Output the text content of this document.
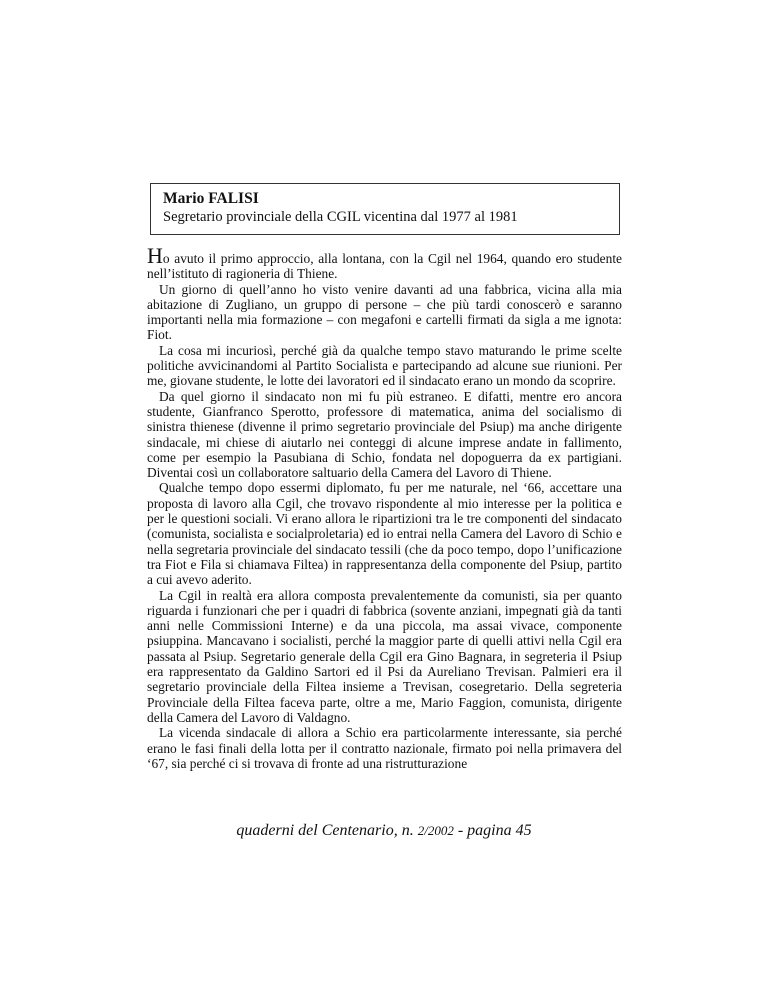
Mario FALISI

Segretario provinciale della CGIL vicentina dal 1977 al 1981

Ho avuto il primo approccio, alla lontana, con la Cgil nel 1964, quando ero studente nell’istituto di ragioneria di Thiene.

Un giorno di quell’anno ho visto venire davanti ad una fabbrica, vicina alla mia abitazione di Zugliano, un gruppo di persone – che più tardi conoscerò e saranno importanti nella mia formazione – con megafoni e cartelli firmati da sigla a me ignota: Fiot.

La cosa mi incuriosì, perché già da qualche tempo stavo maturando le prime scelte politiche avvicinandomi al Partito Socialista e partecipando ad alcune sue riunioni. Per me, giovane studente, le lotte dei lavoratori ed il sindacato erano un mondo da scoprire.

Da quel giorno il sindacato non mi fu più estraneo. E difatti, mentre ero ancora studente, Gianfranco Sperotto, professore di matematica, anima del socialismo di sinistra thienese (divenne il primo segretario provinciale del Psiup) ma anche dirigente sindacale, mi chiese di aiutarlo nei conteggi di alcune imprese andate in fallimento, come per esempio la Pasubiana di Schio, fondata nel dopoguerra da ex partigiani. Diventai così un collaboratore saltuario della Camera del Lavoro di Thiene.

Qualche tempo dopo essermi diplomato, fu per me naturale, nel ‘66, accettare una proposta di lavoro alla Cgil, che trovavo rispondente al mio interesse per la politica e per le questioni sociali. Vi erano allora le ripartizioni tra le tre componenti del sindacato (comunista, socialista e socialproletaria) ed io entrai nella Camera del Lavoro di Schio e nella segretaria provinciale del sindacato tessili (che da poco tempo, dopo l’unificazione tra Fiot e Fila si chiamava Filtea) in rappresentanza della componente del Psiup, partito a cui avevo aderito.

La Cgil in realtà era allora composta prevalentemente da comunisti, sia per quanto riguarda i funzionari che per i quadri di fabbrica (sovente anziani, impegnati già da tanti anni nelle Commissioni Interne) e da una piccola, ma assai vivace, componente psiuppina. Mancavano i socialisti, perché la maggior parte di quelli attivi nella Cgil era passata al Psiup. Segretario generale della Cgil era Gino Bagnara, in segreteria il Psiup era rappresentato da Galdino Sartori ed il Psi da Aureliano Trevisan. Palmieri era il segretario provinciale della Filtea insieme a Trevisan, cosegretario. Della segreteria Provinciale della Filtea faceva parte, oltre a me, Mario Faggion, comunista, dirigente della Camera del Lavoro di Valdagno.

La vicenda sindacale di allora a Schio era particolarmente interessante, sia perché erano le fasi finali della lotta per il contratto nazionale, firmato poi nella primavera del ‘67, sia perché ci si trovava di fronte ad una ristrutturazione

quaderni del Centenario, n. 2/2002 - pagina 45
